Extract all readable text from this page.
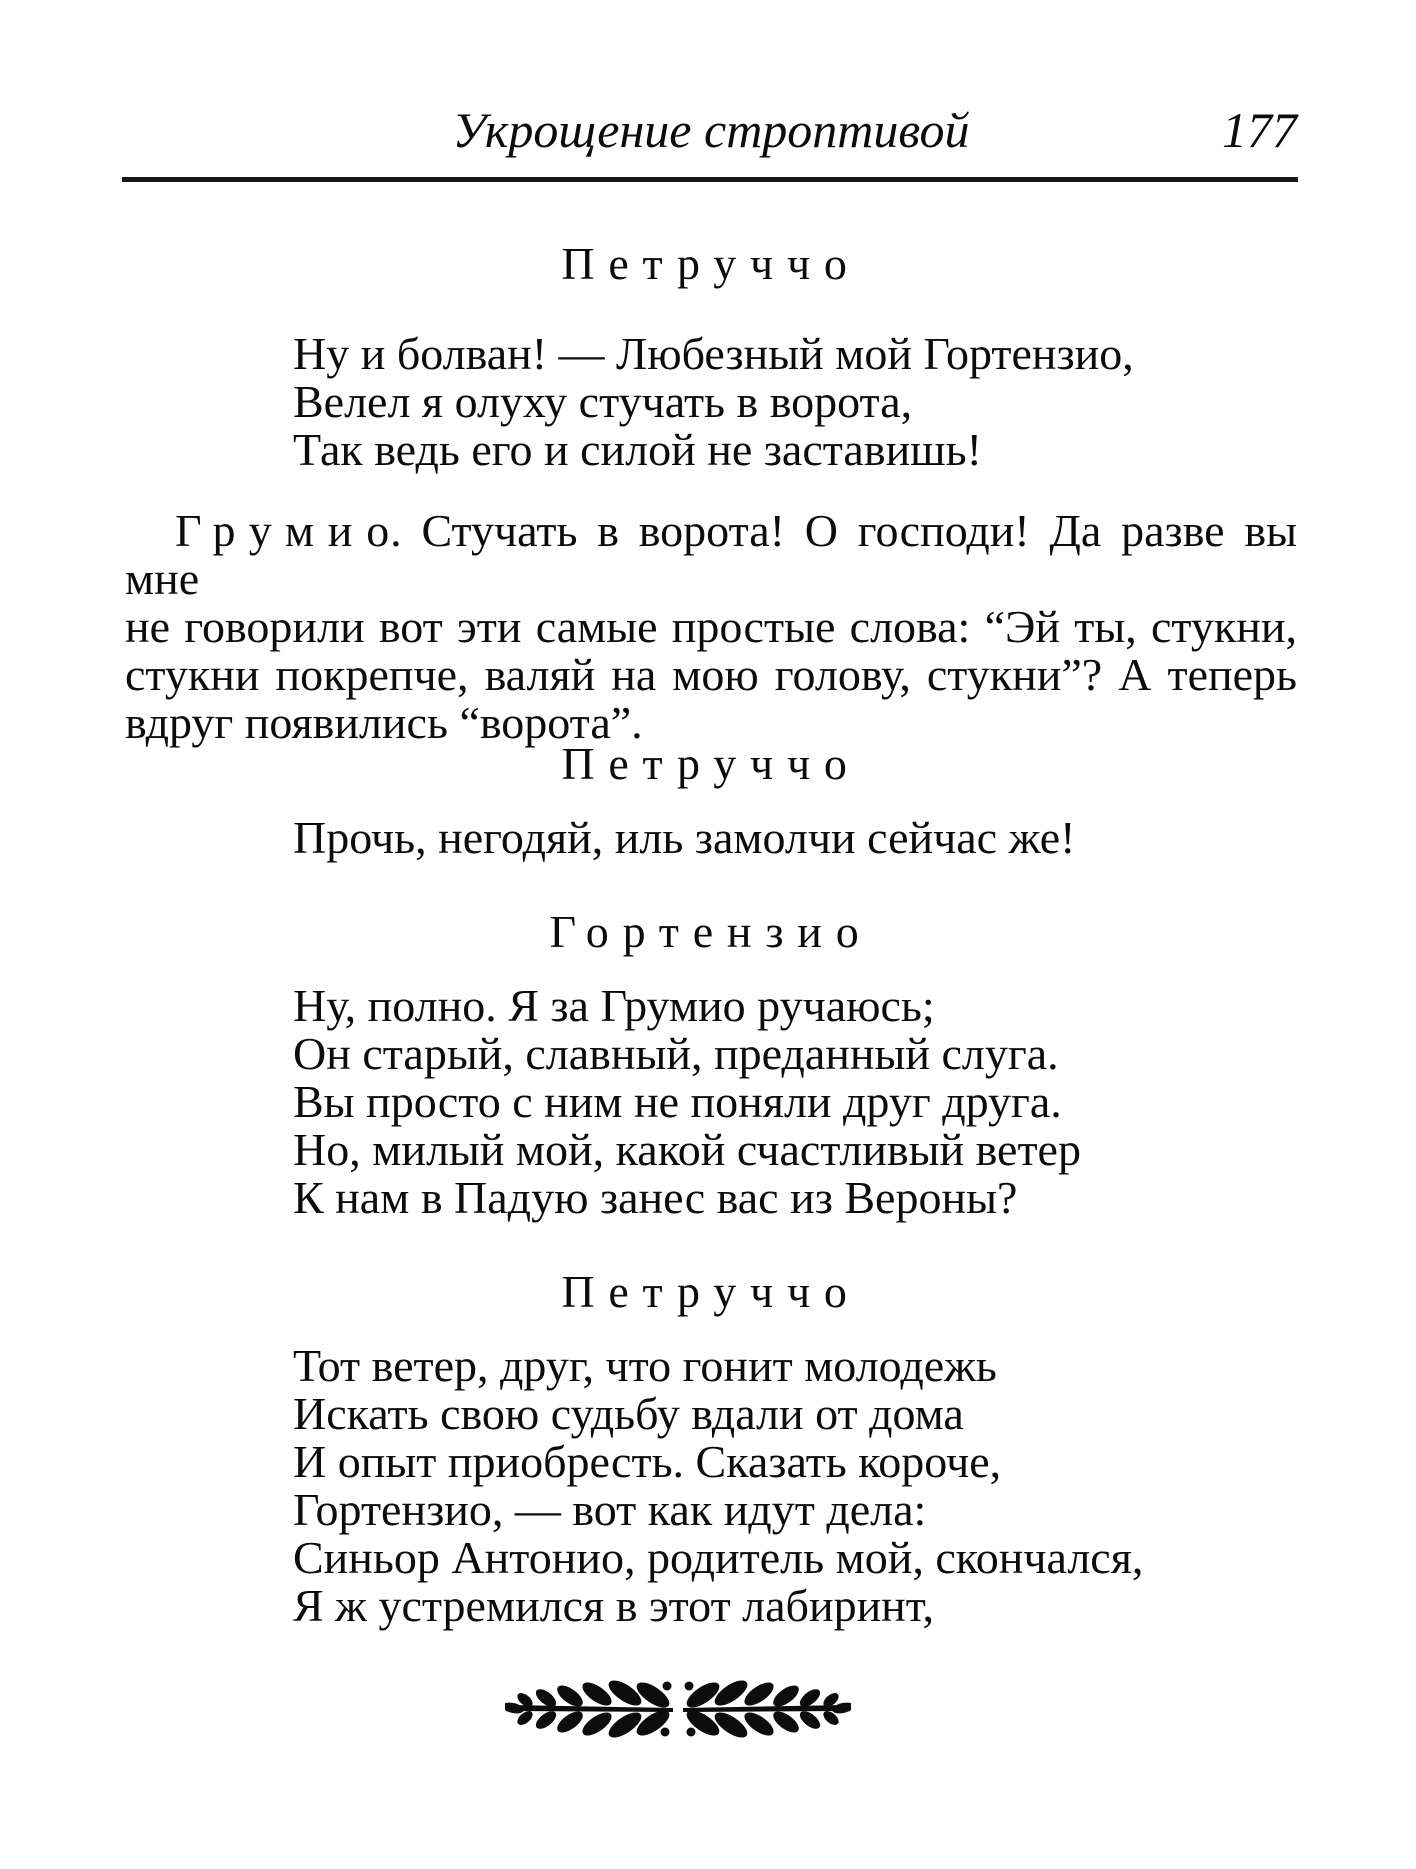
Укрощение строптивой	177
Петруччо
Ну и болван! — Любезный мой Гортензио,
Велел я олуху стучать в ворота,
Так ведь его и силой не заставишь!
Грумио. Стучать в ворота! О господи! Да разве вы мне
не говорили вот эти самые простые слова: “Эй ты, стукни,
стукни покрепче, валяй на мою голову, стукни”? А теперь
вдруг появились “ворота”.
Петруччо
Прочь, негодяй, иль замолчи сейчас же!
Гортензио
Ну, полно. Я за Грумио ручаюсь;
Он старый, славный, преданный слуга.
Вы просто с ним не поняли друг друга.
Но, милый мой, какой счастливый ветер
К нам в Падую занес вас из Вероны?
Петруччо
Тот ветер, друг, что гонит молодежь
Искать свою судьбу вдали от дома
И опыт приобресть. Сказать короче,
Гортензио, — вот как идут дела:
Синьор Антонио, родитель мой, скончался,
Я ж устремился в этот лабиринт,
